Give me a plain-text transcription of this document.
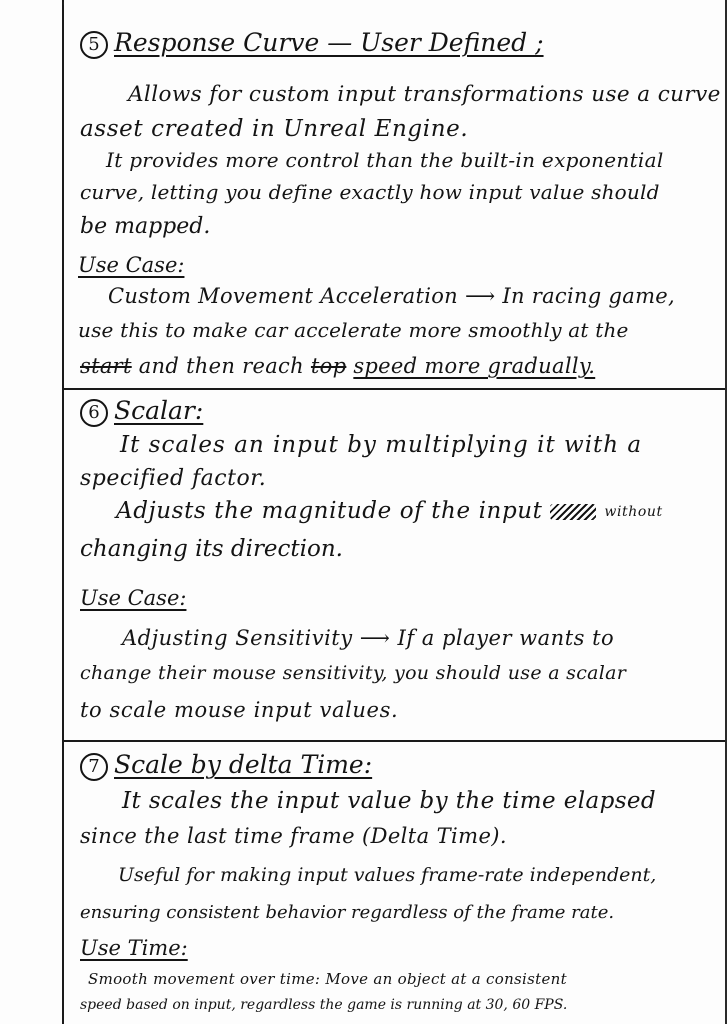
'
5 Response Curve — User Defined ;
Allows for custom input transformations use a curve
asset created in Unreal Engine.
It provides more control than the built-in exponential
curve, letting you define exactly how input value should
be mapped.
Use Case:
Custom Movement Acceleration ⟶ In racing game,
use this to make car accelerate more smoothly at the
start and then reach top speed more gradually.
6 Scalar:
It scales an input by multiplying it with a
specified factor.
Adjusts the magnitude of the input	without
changing its direction.
Use Case:
Adjusting Sensitivity ⟶ If a player wants to
change their mouse sensitivity, you should use a scalar
to scale mouse input values.
7 Scale by delta Time:
It scales the input value by the time elapsed
since the last time frame (Delta Time).
Useful for making input values frame-rate independent,
ensuring consistent behavior regardless of the frame rate.
Use Time:
Smooth movement over time: Move an object at a consistent
speed based on input, regardless the game is running at 30, 60 FPS.
